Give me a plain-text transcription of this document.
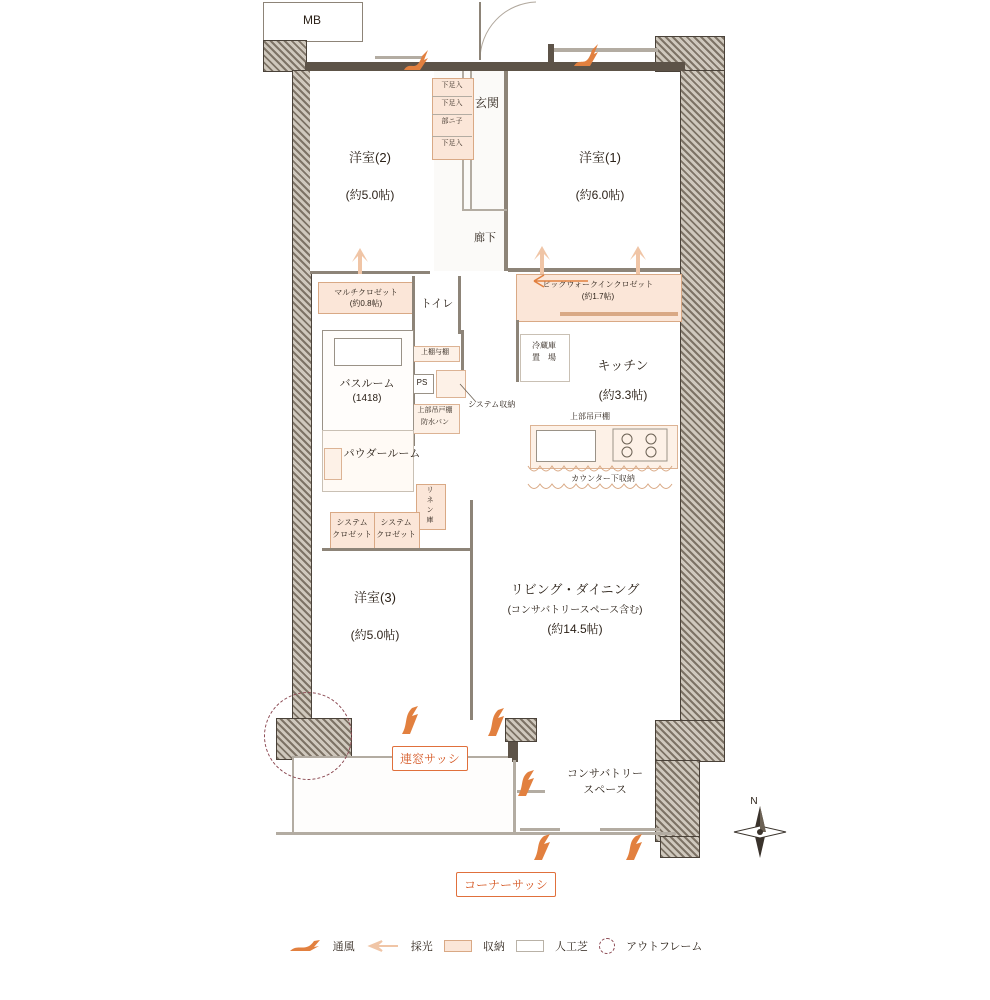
MB
洋室(2)
(約5.0帖)
洋室(1)
(約6.0帖)
玄関
廊下
下足入
下足入
部ニ子
下足入
マルチクロゼット
(約0.8帖)
ビッグウォークインクロゼット
(約1.7帖)
トイレ
上棚与棚
PS
システム収納
上部吊戸棚
防水パン
バスルーム
(1418)
パウダールーム
リ
ネ
ン
庫
システム
クロゼット
システム
クロゼット
冷蔵庫
置　場
キッチン
(約3.3帖)
上部吊戸棚
カウンター下収納
洋室(3)
(約5.0帖)
リビング・ダイニング
(コンサバトリースペース含む)
(約14.5帖)
コンサバトリー
スペース
連窓サッシ
コーナーサッシ
N
通風	採光	収納	人工芝	アウトフレーム
